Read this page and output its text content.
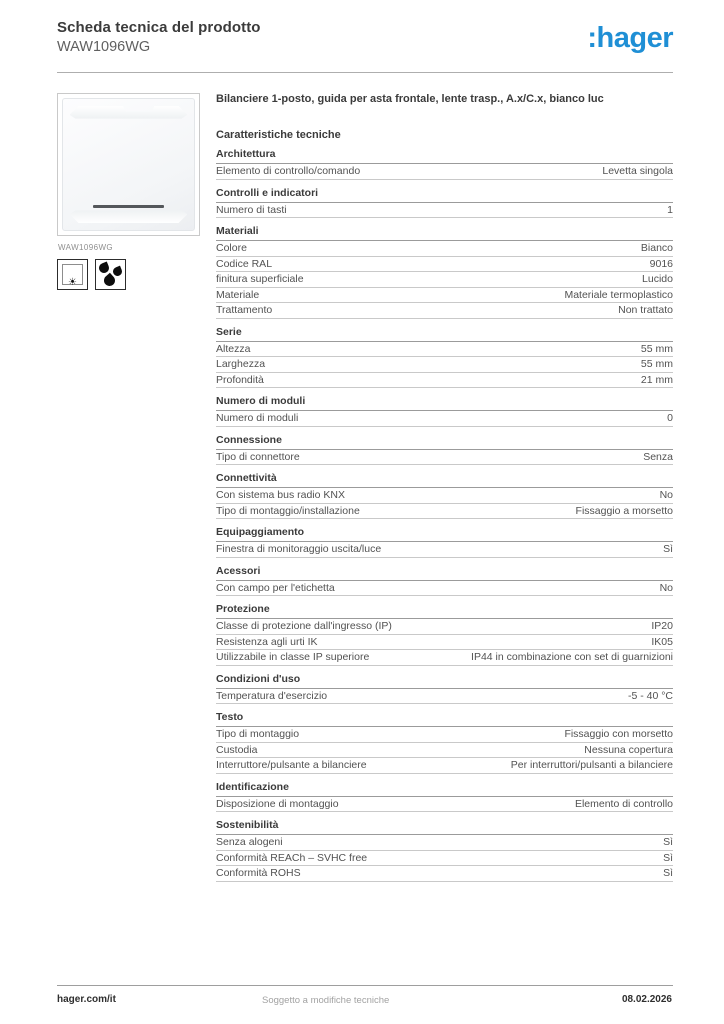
Scheda tecnica del prodotto
WAW1096WG	:hager
WAW1096WG
☀
Bilanciere 1-posto, guida per asta frontale, lente trasp., A.x/C.x, bianco luc
Caratteristiche tecniche
Architettura
Elemento di controllo/comando	Levetta singola
Controlli e indicatori
Numero di tasti	1
Materiali
Colore	Bianco
Codice RAL	9016
finitura superficiale	Lucido
Materiale	Materiale termoplastico
Trattamento	Non trattato
Serie
Altezza	55 mm
Larghezza	55 mm
Profondità	21 mm
Numero di moduli
Numero di moduli	0
Connessione
Tipo di connettore	Senza
Connettività
Con sistema bus radio KNX	No
Tipo di montaggio/installazione	Fissaggio a morsetto
Equipaggiamento
Finestra di monitoraggio uscita/luce	Sì
Acessori
Con campo per l'etichetta	No
Protezione
Classe di protezione dall'ingresso (IP)	IP20
Resistenza agli urti IK	IK05
Utilizzabile in classe IP superiore	IP44 in combinazione con set di guarnizioni
Condizioni d'uso
Temperatura d'esercizio	-5 - 40 °C
Testo
Tipo di montaggio	Fissaggio con morsetto
Custodia	Nessuna copertura
Interruttore/pulsante a bilanciere	Per interruttori/pulsanti a bilanciere
Identificazione
Disposizione di montaggio	Elemento di controllo
Sostenibilità
Senza alogeni	Sì
Conformità REACh – SVHC free	Sì
Conformità ROHS	Sì
hager.com/it	Soggetto a modifiche tecniche	08.02.2026
